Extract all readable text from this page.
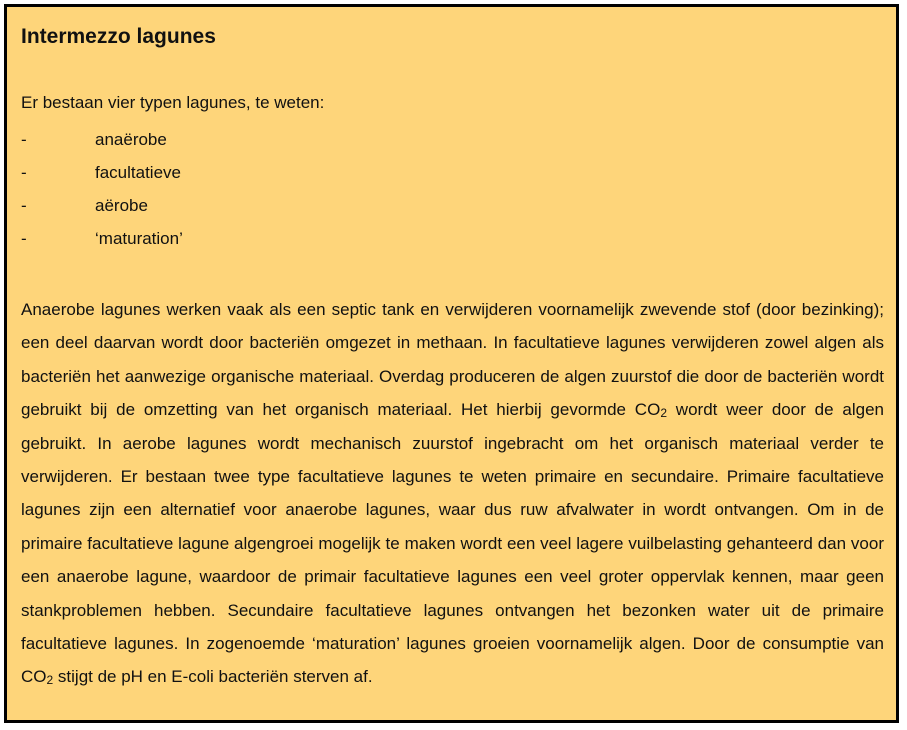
Intermezzo lagunes
Er bestaan vier typen lagunes, te weten:
-	anaërobe
-	facultatieve
-	aërobe
-	‘maturation’

Anaerobe lagunes werken vaak als een septic tank en verwijderen voornamelijk zwevende stof (door bezinking); een deel daarvan wordt door bacteriën omgezet in methaan. In facultatieve lagunes verwijderen zowel algen als bacteriën het aanwezige organische materiaal. Overdag produceren de algen zuurstof die door de bacteriën wordt gebruikt bij de omzetting van het organisch materiaal. Het hierbij gevormde $CO_2$ wordt weer door de algen gebruikt. In aerobe lagunes wordt mechanisch zuurstof ingebracht om het organisch materiaal verder te verwijderen. Er bestaan twee type facultatieve lagunes te weten primaire en secundaire. Primaire facultatieve lagunes zijn een alternatief voor anaerobe lagunes, waar dus ruw afvalwater in wordt ontvangen. Om in de primaire facultatieve lagune algengroei mogelijk te maken wordt een veel lagere vuilbelasting gehanteerd dan voor een anaerobe lagune, waardoor de primair facultatieve lagunes een veel groter oppervlak kennen, maar geen stankproblemen hebben. Secundaire facultatieve lagunes ontvangen het bezonken water uit de primaire facultatieve lagunes. In zogenoemde ‘maturation’ lagunes groeien voornamelijk algen. Door de consumptie van $CO_2$ stijgt de pH en E-coli bacteriën sterven af.
